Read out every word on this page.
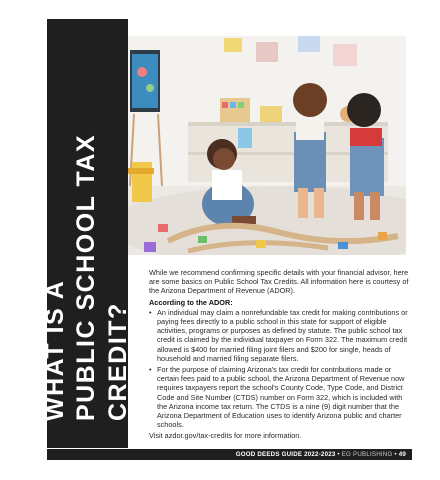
WHAT IS A PUBLIC SCHOOL TAX CREDIT?

While we recommend confirming specific details with your financial advisor, here are some basics on Public School Tax Credits. All information here is courtesy of the Arizona Department of Revenue (ADOR).

According to the ADOR:

• An individual may claim a nonrefundable tax credit for making contributions or paying fees directly to a public school in this state for support of eligible activities, programs or purposes as defined by statute. The public school tax credit is claimed by the individual taxpayer on Form 322. The maximum credit allowed is $400 for married filing joint filers and $200 for single, heads of household and married filing separate filers.
• For the purpose of claiming Arizona's tax credit for contributions made or certain fees paid to a public school, the Arizona Department of Revenue now requires taxpayers report the school's County Code, Type Code, and District Code and Site Number (CTDS) number on Form 322, which is included with the Arizona income tax return. The CTDS is a nine (9) digit number that the Arizona Department of Education uses to identify Arizona public and charter schools.

Visit azdor.gov/tax-credits for more information.

GOOD DEEDS GUIDE 2022-2023 • EG PUBLISHING • 49
